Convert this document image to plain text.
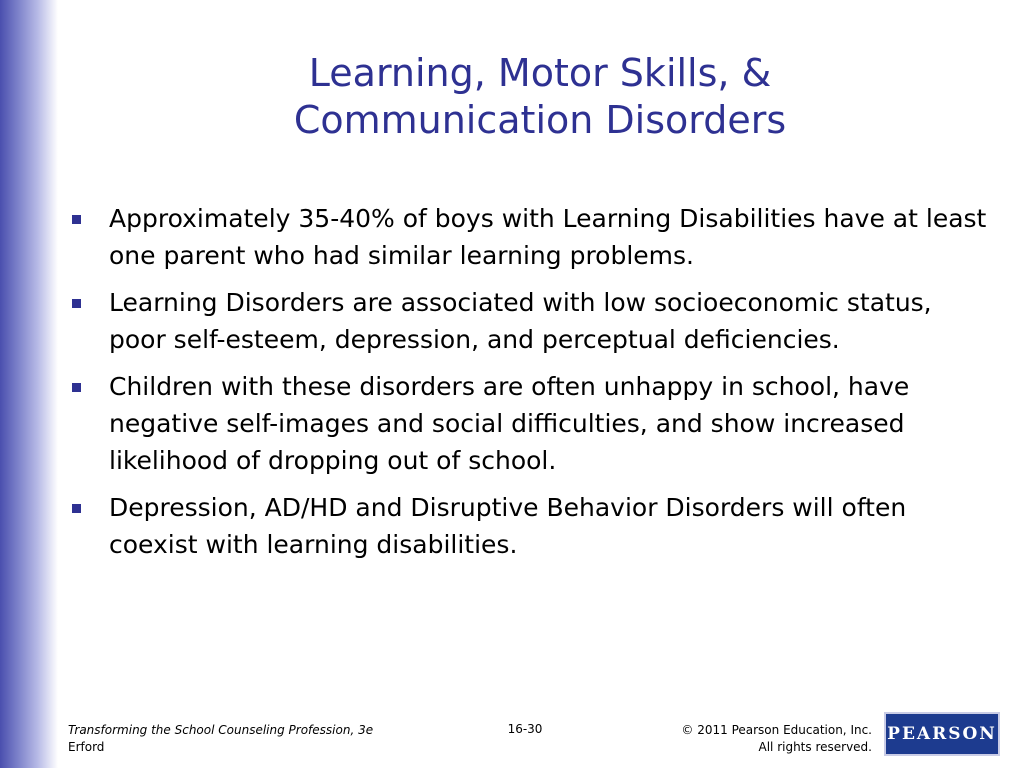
Learning, Motor Skills, &
Communication Disorders
Approximately 35-40% of boys with Learning Disabilities have at least one parent who had similar learning problems.
Learning Disorders are associated with low socioeconomic status, poor self-esteem, depression, and perceptual deficiencies.
Children with these disorders are often unhappy in school, have negative self-images and social difficulties, and show increased likelihood of dropping out of school.
Depression, AD/HD and Disruptive Behavior Disorders will often coexist with learning disabilities.
Transforming the School Counseling Profession, 3e
Erford
16-30	© 2011 Pearson Education, Inc.
All rights reserved.
PEARSON
